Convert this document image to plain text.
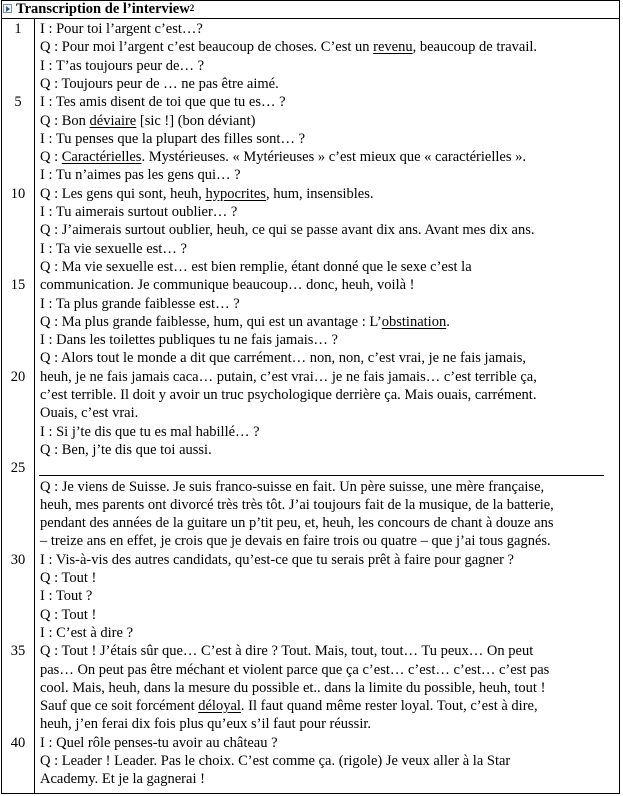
Transcription de l’interview$^2$
I : Pour toi l’argent c’est…?
Q : Pour moi l’argent c’est beaucoup de choses. C’est un revenu, beaucoup de travail.
I : T’as toujours peur de… ?
Q : Toujours peur de … ne pas être aimé.
I : Tes amis disent de toi que que tu es… ?
Q : Bon déviaire [sic !] (bon déviant)
I : Tu penses que la plupart des filles sont… ?
Q : Caractérielles. Mystérieuses. « Mytérieuses » c’est mieux que « caractérielles ».
I : Tu n’aimes pas les gens qui… ?
Q : Les gens qui sont, heuh, hypocrites, hum, insensibles.
I : Tu aimerais surtout oublier… ?
Q : J’aimerais surtout oublier, heuh, ce qui se passe avant dix ans. Avant mes dix ans.
I : Ta vie sexuelle est… ?
Q : Ma vie sexuelle est… est bien remplie, étant donné que le sexe c’est la
communication. Je communique beaucoup… donc, heuh, voilà !
I : Ta plus grande faiblesse est… ?
Q : Ma plus grande faiblesse, hum, qui est un avantage : L’obstination.
I : Dans les toilettes publiques tu ne fais jamais… ?
Q : Alors tout le monde a dit que carrément… non, non, c’est vrai, je ne fais jamais,
heuh, je ne fais jamais caca… putain, c’est vrai… je ne fais jamais… c’est terrible ça,
c’est terrible. Il doit y avoir un truc psychologique derrière ça. Mais ouais, carrément.
Ouais, c’est vrai.
I : Si j’te dis que tu es mal habillé… ?
Q : Ben, j’te dis que toi aussi.
Q : Je viens de Suisse. Je suis franco-suisse en fait. Un père suisse, une mère française,
heuh, mes parents ont divorcé très très tôt. J’ai toujours fait de la musique, de la batterie,
pendant des années de la guitare un p’tit peu, et, heuh, les concours de chant à douze ans
– treize ans en effet, je crois que je devais en faire trois ou quatre – que j’ai tous gagnés.
I : Vis-à-vis des autres candidats, qu’est-ce que tu serais prêt à faire pour gagner ?
Q : Tout !
I : Tout ?
Q : Tout !
I : C’est à dire ?
Q : Tout ! J’étais sûr que… C’est à dire ? Tout. Mais, tout, tout… Tu peux… On peut
pas… On peut pas être méchant et violent parce que ça c’est… c’est… c’est… c’est pas
cool. Mais, heuh, dans la mesure du possible et.. dans la limite du possible, heuh, tout !
Sauf que ce soit forcément déloyal. Il faut quand même rester loyal. Tout, c’est à dire,
heuh, j’en ferai dix fois plus qu’eux s’il faut pour réussir.
I : Quel rôle penses-tu avoir au château ?
Q : Leader ! Leader. Pas le choix. C’est comme ça. (rigole) Je veux aller à la Star
Academy. Et je la gagnerai !
1
5
10
15
20
25
30
35
40
